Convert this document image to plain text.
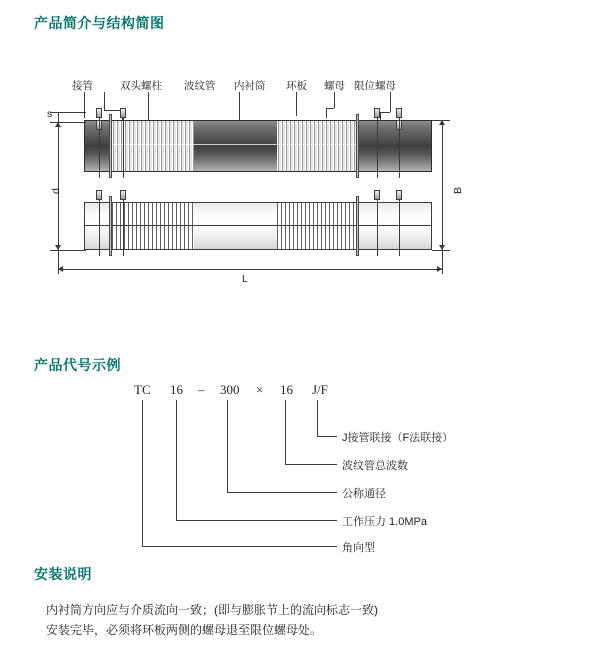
产品简介与结构简图
接管	双头螺柱 波纹管 内衬筒 环板 螺母 限位螺母
s
d	B
L
产品代号示例
TC 16 – 300 × 16 J/F
J接管联接（F法联接）
波纹管总波数
公称通径
工作压力 1.0MPa
角向型
安装说明
内衬筒方向应与介质流向一致；(即与膨胀节上的流向标志一致)
安装完毕，必须将环板两侧的螺母退至限位螺母处。
